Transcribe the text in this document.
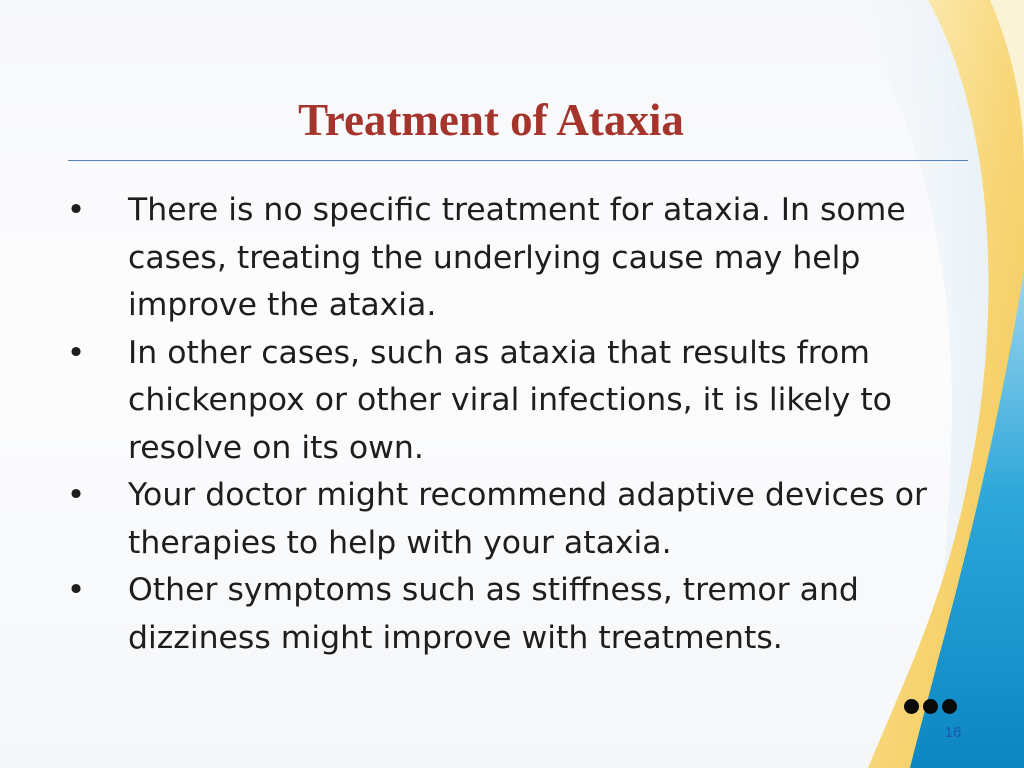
Treatment of Ataxia
• There is no specific treatment for ataxia. In some cases, treating the underlying cause may help improve the ataxia.
• In other cases, such as ataxia that results from chickenpox or other viral infections, it is likely to resolve on its own.
• Your doctor might recommend adaptive devices or therapies to help with your ataxia.
• Other symptoms such as stiffness, tremor and dizziness might improve with treatments.
16
